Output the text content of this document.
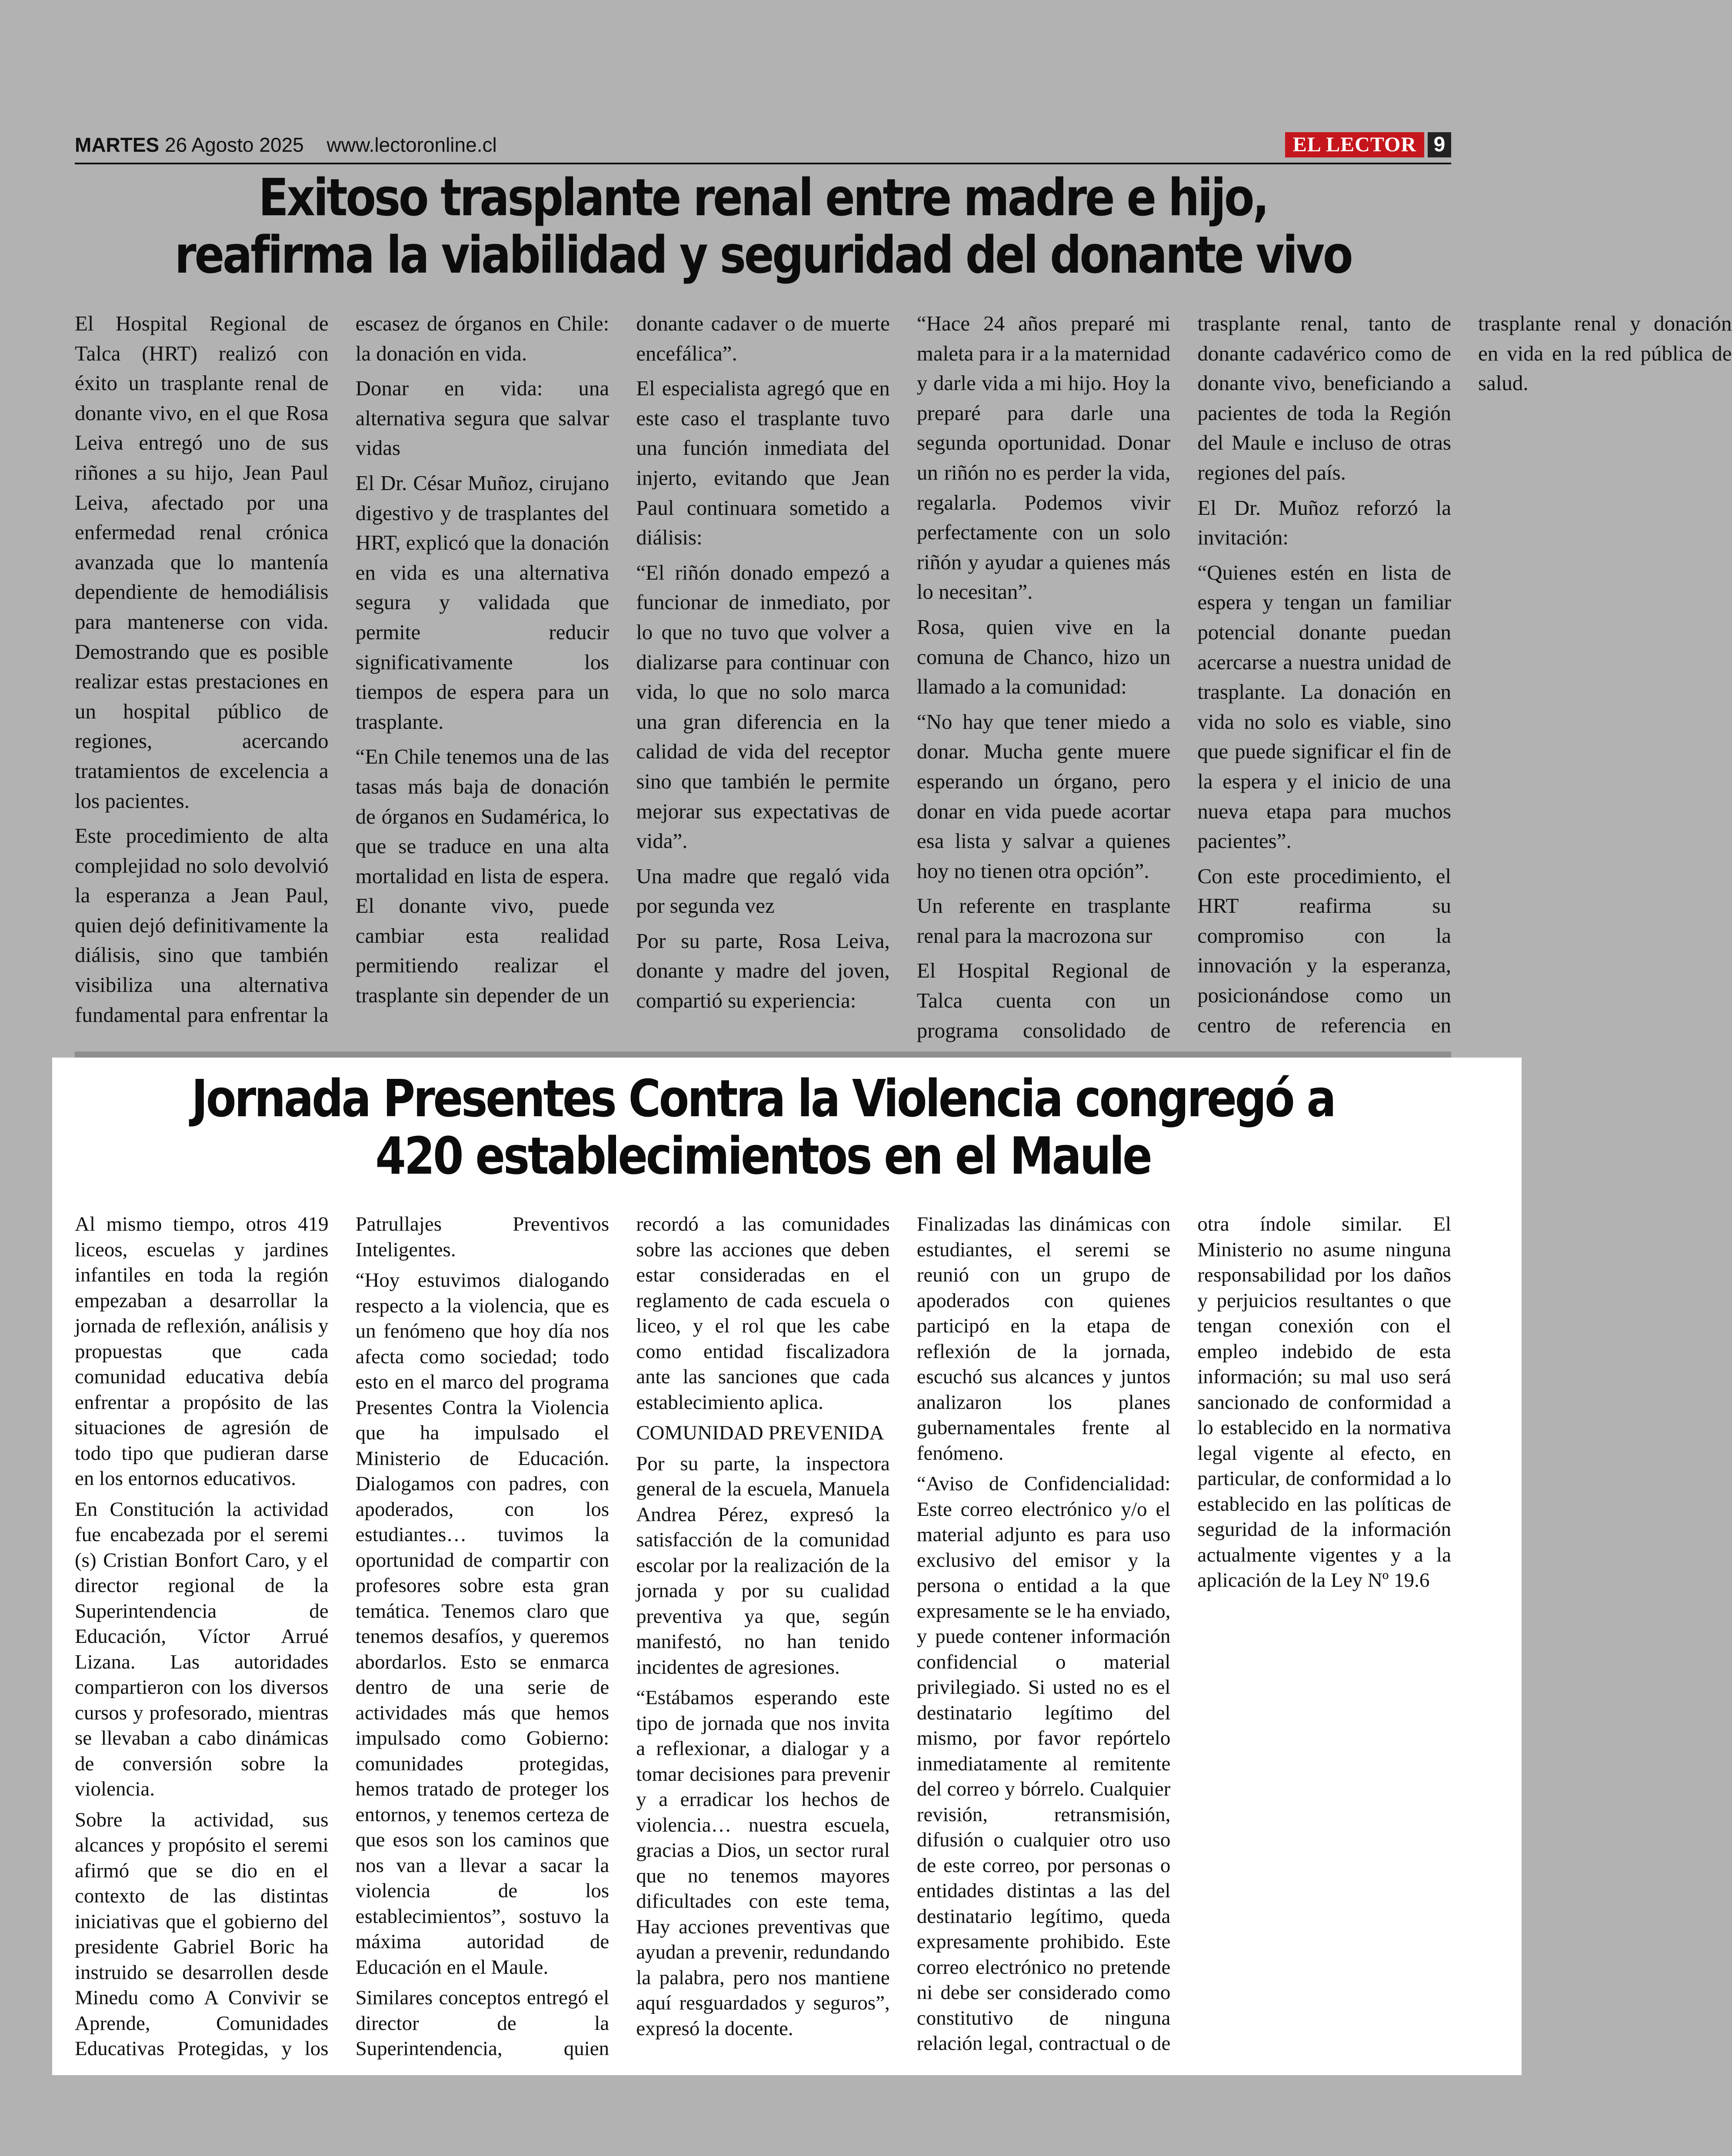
MARTES 26 Agosto 2025 www.lectoronline.cl	EL LECTOR 9
Exitoso trasplante renal entre madre e hijo, reafirma la viabilidad y seguridad del donante vivo

El Hospital Regional de Talca (HRT) realizó con éxito un trasplante renal de donante vivo, en el que Rosa Leiva entregó uno de sus riñones a su hijo, Jean Paul Leiva, afectado por una enfermedad renal crónica avanzada que lo mantenía dependiente de hemodiálisis para mantenerse con vida. Demostrando que es posible realizar estas prestaciones en un hospital público de regiones, acercando tratamientos de excelencia a los pacientes.

Este procedimiento de alta complejidad no solo devolvió la esperanza a Jean Paul, quien dejó definitivamente la diálisis, sino que también visibiliza una alternativa fundamental para enfrentar la escasez de órganos en Chile: la donación en vida.

Donar en vida: una alternativa segura que salvar vidas

El Dr. César Muñoz, cirujano digestivo y de trasplantes del HRT, explicó que la donación en vida es una alternativa segura y validada que permite reducir significativamente los tiempos de espera para un trasplante.

“En Chile tenemos una de las tasas más baja de donación de órganos en Sudamérica, lo que se traduce en una alta mortalidad en lista de espera. El donante vivo, puede cambiar esta realidad permitiendo realizar el trasplante sin depender de un donante cadaver o de muerte encefálica”.

El especialista agregó que en este caso el trasplante tuvo una función inmediata del injerto, evitando que Jean Paul continuara sometido a diálisis:

“El riñón donado empezó a funcionar de inmediato, por lo que no tuvo que volver a dializarse para continuar con vida, lo que no solo marca una gran diferencia en la calidad de vida del receptor sino que también le permite mejorar sus expectativas de vida”.

Una madre que regaló vida por segunda vez

Por su parte, Rosa Leiva, donante y madre del joven, compartió su experiencia:

“Hace 24 años preparé mi maleta para ir a la maternidad y darle vida a mi hijo. Hoy la preparé para darle una segunda oportunidad. Donar un riñón no es perder la vida, regalarla. Podemos vivir perfectamente con un solo riñón y ayudar a quienes más lo necesitan”.

Rosa, quien vive en la comuna de Chanco, hizo un llamado a la comunidad:

“No hay que tener miedo a donar. Mucha gente muere esperando un órgano, pero donar en vida puede acortar esa lista y salvar a quienes hoy no tienen otra opción”.

Un referente en trasplante renal para la macrozona sur

El Hospital Regional de Talca cuenta con un programa consolidado de trasplante renal, tanto de donante cadavérico como de donante vivo, beneficiando a pacientes de toda la Región del Maule e incluso de otras regiones del país.

El Dr. Muñoz reforzó la invitación:

“Quienes estén en lista de espera y tengan un familiar potencial donante puedan acercarse a nuestra unidad de trasplante. La donación en vida no solo es viable, sino que puede significar el fin de la espera y el inicio de una nueva etapa para muchos pacientes”.

Con este procedimiento, el HRT reafirma su compromiso con la innovación y la esperanza, posicionándose como un centro de referencia en trasplante renal y donación en vida en la red pública de salud.

Jornada Presentes Contra la Violencia congregó a 420 establecimientos en el Maule

Al mismo tiempo, otros 419 liceos, escuelas y jardines infantiles en toda la región empezaban a desarrollar la jornada de reflexión, análisis y propuestas que cada comunidad educativa debía enfrentar a propósito de las situaciones de agresión de todo tipo que pudieran darse en los entornos educativos.

En Constitución la actividad fue encabezada por el seremi (s) Cristian Bonfort Caro, y el director regional de la Superintendencia de Educación, Víctor Arrué Lizana. Las autoridades compartieron con los diversos cursos y profesorado, mientras se llevaban a cabo dinámicas de conversión sobre la violencia.

Sobre la actividad, sus alcances y propósito el seremi afirmó que se dio en el contexto de las distintas iniciativas que el gobierno del presidente Gabriel Boric ha instruido se desarrollen desde Minedu como A Convivir se Aprende, Comunidades Educativas Protegidas, y los Patrullajes Preventivos Inteligentes.

“Hoy estuvimos dialogando respecto a la violencia, que es un fenómeno que hoy día nos afecta como sociedad; todo esto en el marco del programa Presentes Contra la Violencia que ha impulsado el Ministerio de Educación. Dialogamos con padres, con apoderados, con los estudiantes… tuvimos la oportunidad de compartir con profesores sobre esta gran temática. Tenemos claro que tenemos desafíos, y queremos abordarlos. Esto se enmarca dentro de una serie de actividades más que hemos impulsado como Gobierno: comunidades protegidas, hemos tratado de proteger los entornos, y tenemos certeza de que esos son los caminos que nos van a llevar a sacar la violencia de los establecimientos”, sostuvo la máxima autoridad de Educación en el Maule.

Similares conceptos entregó el director de la Superintendencia, quien recordó a las comunidades sobre las acciones que deben estar consideradas en el reglamento de cada escuela o liceo, y el rol que les cabe como entidad fiscalizadora ante las sanciones que cada establecimiento aplica.

COMUNIDAD PREVENIDA

Por su parte, la inspectora general de la escuela, Manuela Andrea Pérez, expresó la satisfacción de la comunidad escolar por la realización de la jornada y por su cualidad preventiva ya que, según manifestó, no han tenido incidentes de agresiones.

“Estábamos esperando este tipo de jornada que nos invita a reflexionar, a dialogar y a tomar decisiones para prevenir y a erradicar los hechos de violencia… nuestra escuela, gracias a Dios, un sector rural que no tenemos mayores dificultades con este tema, Hay acciones preventivas que ayudan a prevenir, redundando la palabra, pero nos mantiene aquí resguardados y seguros”, expresó la docente.

Finalizadas las dinámicas con estudiantes, el seremi se reunió con un grupo de apoderados con quienes participó en la etapa de reflexión de la jornada, escuchó sus alcances y juntos analizaron los planes gubernamentales frente al fenómeno.

“Aviso de Confidencialidad: Este correo electrónico y/o el material adjunto es para uso exclusivo del emisor y la persona o entidad a la que expresamente se le ha enviado, y puede contener información confidencial o material privilegiado. Si usted no es el destinatario legítimo del mismo, por favor repórtelo inmediatamente al remitente del correo y bórrelo. Cualquier revisión, retransmisión, difusión o cualquier otro uso de este correo, por personas o entidades distintas a las del destinatario legítimo, queda expresamente prohibido. Este correo electrónico no pretende ni debe ser considerado como constitutivo de ninguna relación legal, contractual o de otra índole similar. El Ministerio no asume ninguna responsabilidad por los daños y perjuicios resultantes o que tengan conexión con el empleo indebido de esta información; su mal uso será sancionado de conformidad a lo establecido en la normativa legal vigente al efecto, en particular, de conformidad a lo establecido en las políticas de seguridad de la información actualmente vigentes y a la aplicación de la Ley Nº 19.6
